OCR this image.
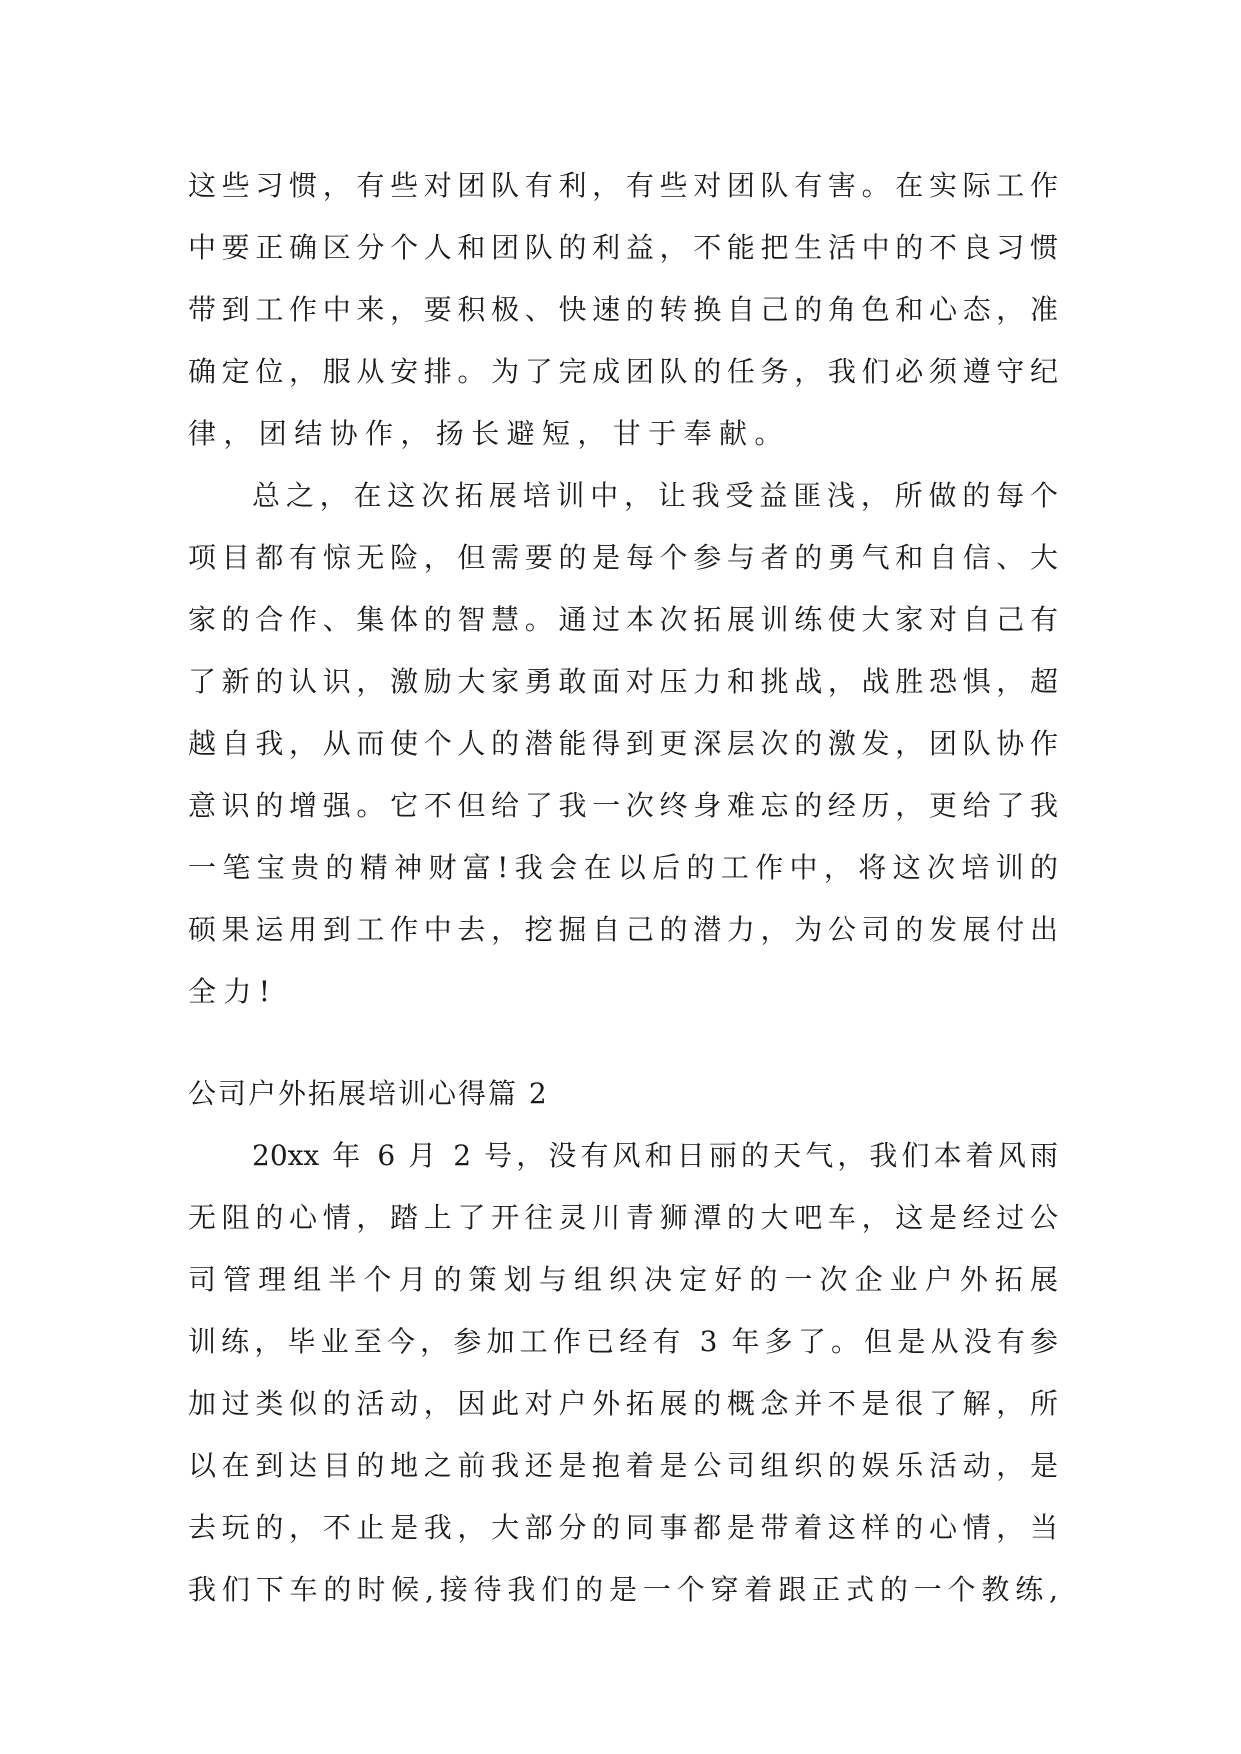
这些习惯，有些对团队有利，有些对团队有害。在实际工作
中要正确区分个人和团队的利益，不能把生活中的不良习惯
带到工作中来，要积极、快速的转换自己的角色和心态，准
确定位，服从安排。为了完成团队的任务，我们必须遵守纪
律，团结协作，扬长避短，甘于奉献。
总之，在这次拓展培训中，让我受益匪浅，所做的每个
项目都有惊无险，但需要的是每个参与者的勇气和自信、大
家的合作、集体的智慧。通过本次拓展训练使大家对自己有
了新的认识，激励大家勇敢面对压力和挑战，战胜恐惧，超
越自我，从而使个人的潜能得到更深层次的激发，团队协作
意识的增强。它不但给了我一次终身难忘的经历，更给了我
一笔宝贵的精神财富!我会在以后的工作中，将这次培训的
硕果运用到工作中去，挖掘自己的潜力，为公司的发展付出
全力!
公司户外拓展培训心得篇 2
20xx 年 6 月 2 号，没有风和日丽的天气，我们本着风雨
无阻的心情，踏上了开往灵川青狮潭的大吧车，这是经过公
司管理组半个月的策划与组织决定好的一次企业户外拓展
训练，毕业至今，参加工作已经有 3 年多了。但是从没有参
加过类似的活动，因此对户外拓展的概念并不是很了解，所
以在到达目的地之前我还是抱着是公司组织的娱乐活动，是
去玩的，不止是我，大部分的同事都是带着这样的心情，当
我们下车的时候,接待我们的是一个穿着跟正式的一个教练,
